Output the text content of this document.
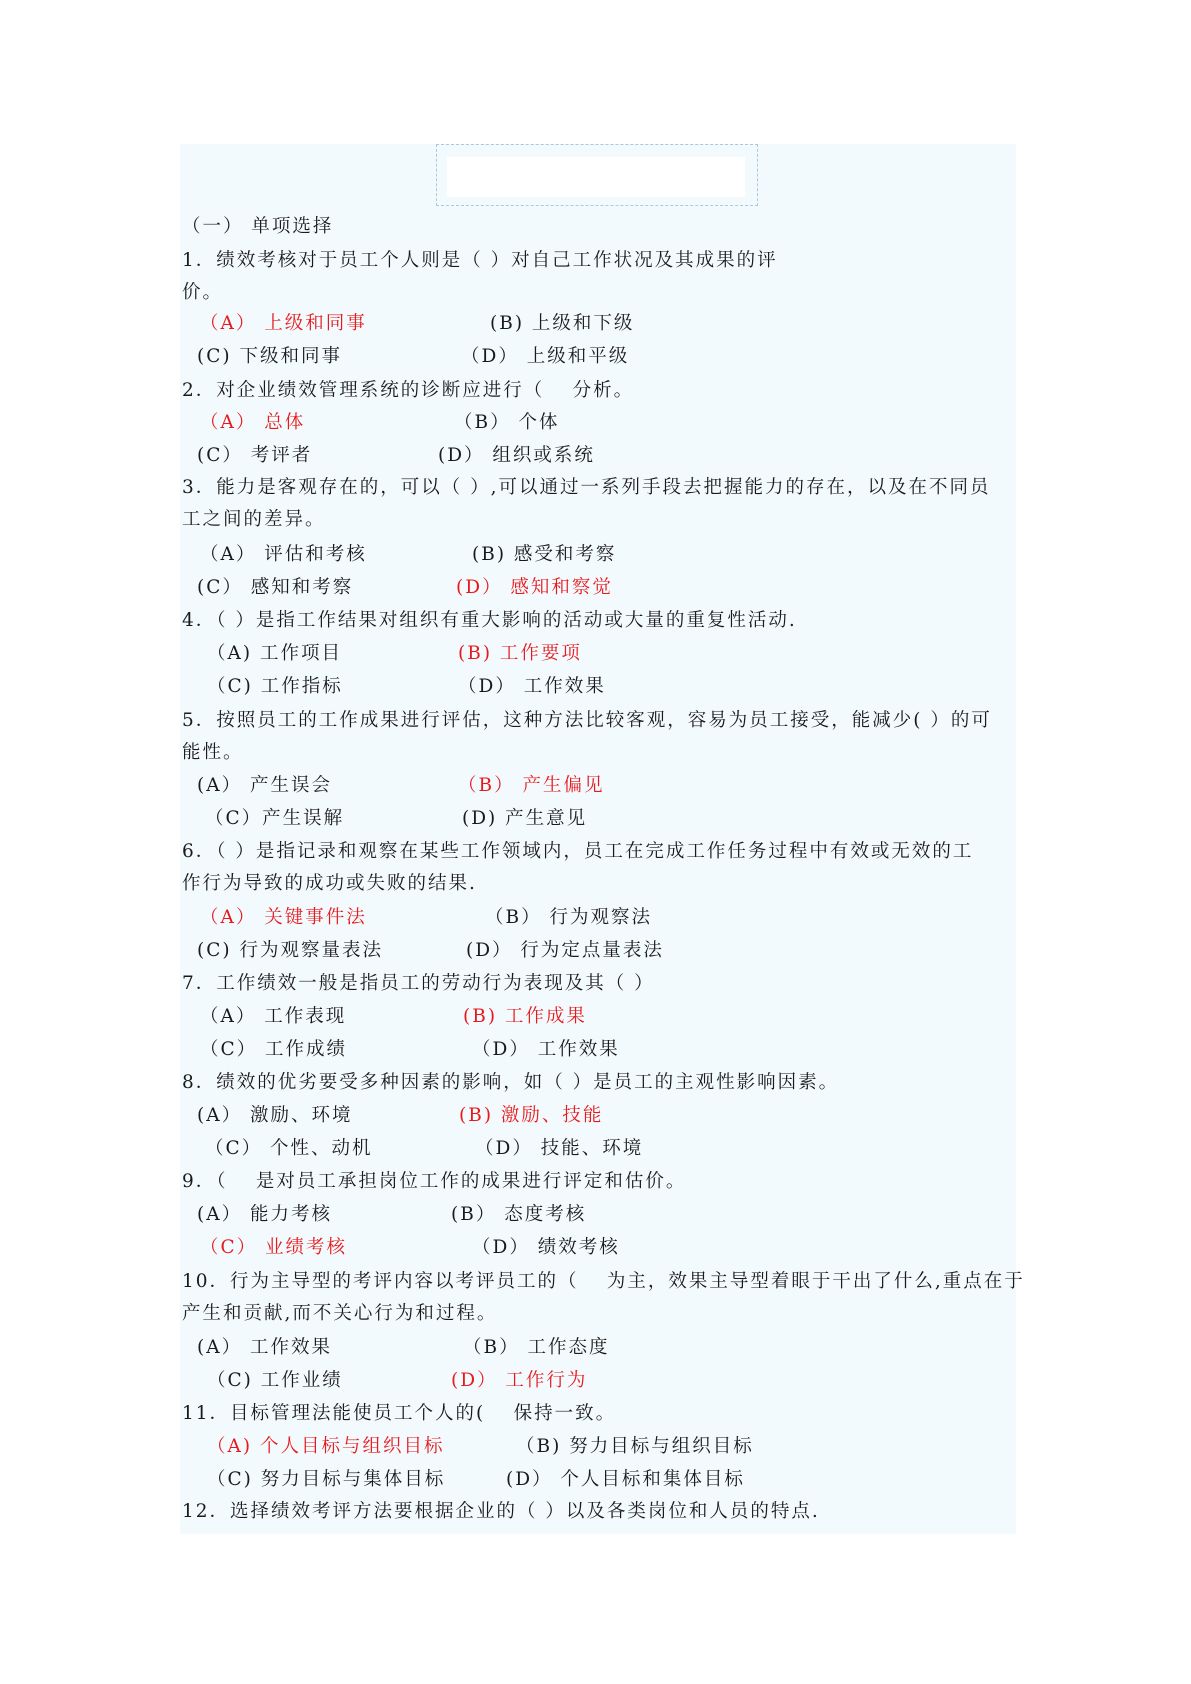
（一） 单项选择
1．绩效考核对于员工个人则是（ ）对自己工作状况及其成果的评
价。
（A） 上级和同事	(B) 上级和下级
(C) 下级和同事	（D） 上级和平级
2．对企业绩效管理系统的诊断应进行（ 　分析。
（A） 总体	（B） 个体
(C） 考评者	(D） 组织或系统
3．能力是客观存在的，可以（ ）,可以通过一系列手段去把握能力的存在，以及在不同员
工之间的差异。
（A） 评估和考核	(B) 感受和考察
(C） 感知和考察	(D） 感知和察觉
4．（ ）是指工作结果对组织有重大影响的活动或大量的重复性活动.
（A) 工作项目	(B) 工作要项
（C) 工作指标	（D） 工作效果
5．按照员工的工作成果进行评估，这种方法比较客观，容易为员工接受，能减少( ）的可
能性。
(A） 产生误会	（B） 产生偏见
（C）产生误解	(D) 产生意见
6．（ ）是指记录和观察在某些工作领域内，员工在完成工作任务过程中有效或无效的工
作行为导致的成功或失败的结果.
（A） 关键事件法	（B） 行为观察法
(C) 行为观察量表法	(D） 行为定点量表法
7．工作绩效一般是指员工的劳动行为表现及其（ ）
（A） 工作表现	(B) 工作成果
（C） 工作成绩	（D） 工作效果
8．绩效的优劣要受多种因素的影响，如（ ）是员工的主观性影响因素。
(A） 激励、环境	(B) 激励、技能
（C） 个性、动机	（D） 技能、环境
9．（ 　是对员工承担岗位工作的成果进行评定和估价。
(A） 能力考核	(B） 态度考核
（C） 业绩考核	（D） 绩效考核
10．行为主导型的考评内容以考评员工的（ 　为主，效果主导型着眼于干出了什么,重点在于
产生和贡献,而不关心行为和过程。
(A） 工作效果	（B） 工作态度
（C) 工作业绩	(D） 工作行为
11．目标管理法能使员工个人的( 　保持一致。
（A) 个人目标与组织目标	（B) 努力目标与组织目标
（C) 努力目标与集体目标	(D） 个人目标和集体目标
12．选择绩效考评方法要根据企业的（ ）以及各类岗位和人员的特点.
